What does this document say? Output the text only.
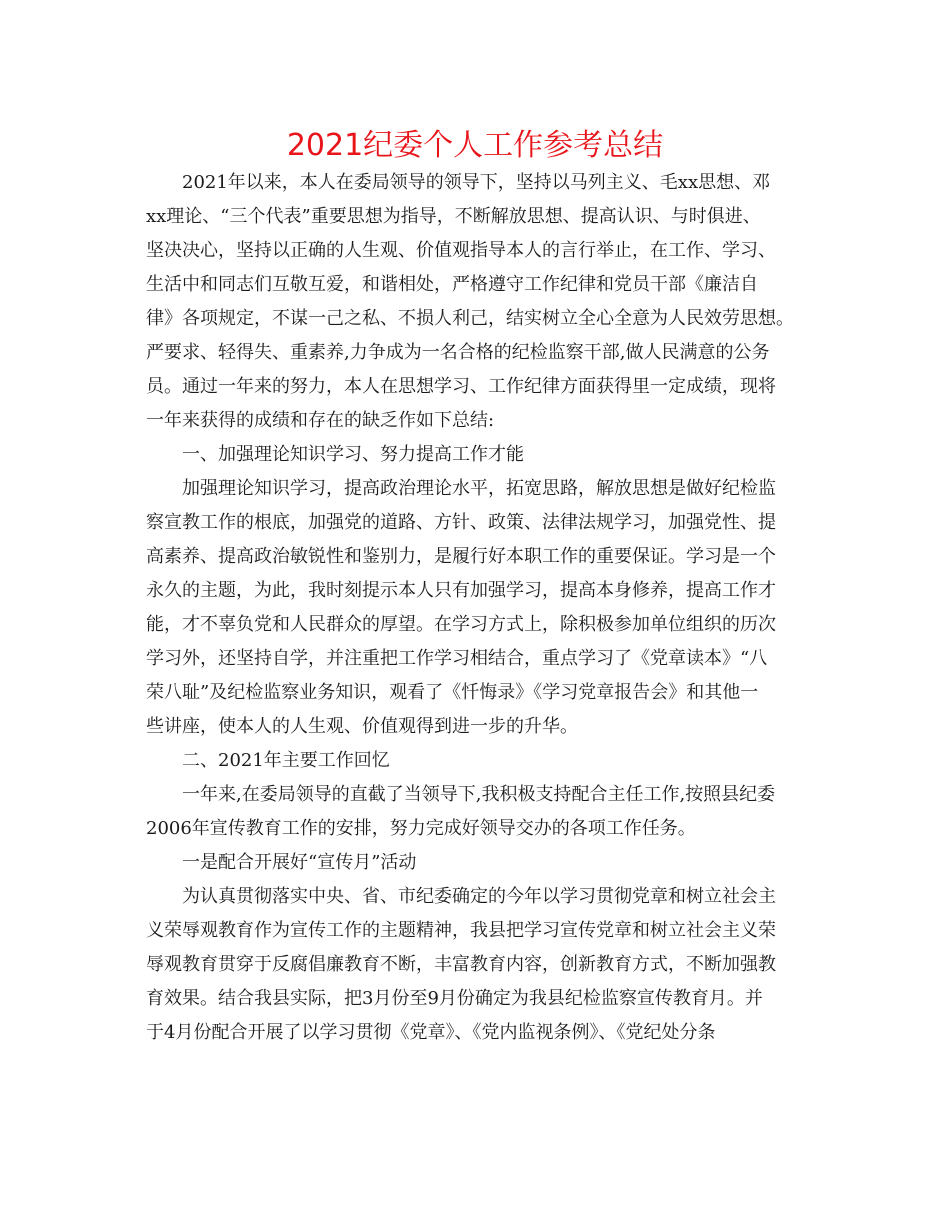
2021纪委个人工作参考总结
2021年以来，本人在委局领导的领导下，坚持以马列主义、毛xx思想、邓
xx理论、“三个代表”重要思想为指导，不断解放思想、提高认识、与时俱进、
坚决决心，坚持以正确的人生观、价值观指导本人的言行举止，在工作、学习、
生活中和同志们互敬互爱，和谐相处，严格遵守工作纪律和党员干部《廉洁自
律》各项规定，不谋一己之私、不损人利己，结实树立全心全意为人民效劳思想。
严要求、轻得失、重素养,力争成为一名合格的纪检监察干部,做人民满意的公务
员。通过一年来的努力，本人在思想学习、工作纪律方面获得里一定成绩，现将
一年来获得的成绩和存在的缺乏作如下总结:
一、加强理论知识学习、努力提高工作才能
加强理论知识学习，提高政治理论水平，拓宽思路，解放思想是做好纪检监
察宣教工作的根底，加强党的道路、方针、政策、法律法规学习，加强党性、提
高素养、提高政治敏锐性和鉴别力，是履行好本职工作的重要保证。学习是一个
永久的主题，为此，我时刻提示本人只有加强学习，提高本身修养，提高工作才
能，才不辜负党和人民群众的厚望。在学习方式上，除积极参加单位组织的历次
学习外，还坚持自学，并注重把工作学习相结合，重点学习了《党章读本》“八
荣八耻”及纪检监察业务知识，观看了《忏悔录》《学习党章报告会》和其他一
些讲座，使本人的人生观、价值观得到进一步的升华。
二、2021年主要工作回忆
一年来,在委局领导的直截了当领导下,我积极支持配合主任工作,按照县纪委
2006年宣传教育工作的安排，努力完成好领导交办的各项工作任务。
一是配合开展好“宣传月”活动
为认真贯彻落实中央、省、市纪委确定的今年以学习贯彻党章和树立社会主
义荣辱观教育作为宣传工作的主题精神，我县把学习宣传党章和树立社会主义荣
辱观教育贯穿于反腐倡廉教育不断，丰富教育内容，创新教育方式，不断加强教
育效果。结合我县实际，把3月份至9月份确定为我县纪检监察宣传教育月。并
于4月份配合开展了以学习贯彻《党章》、《党内监视条例》、《党纪处分条
